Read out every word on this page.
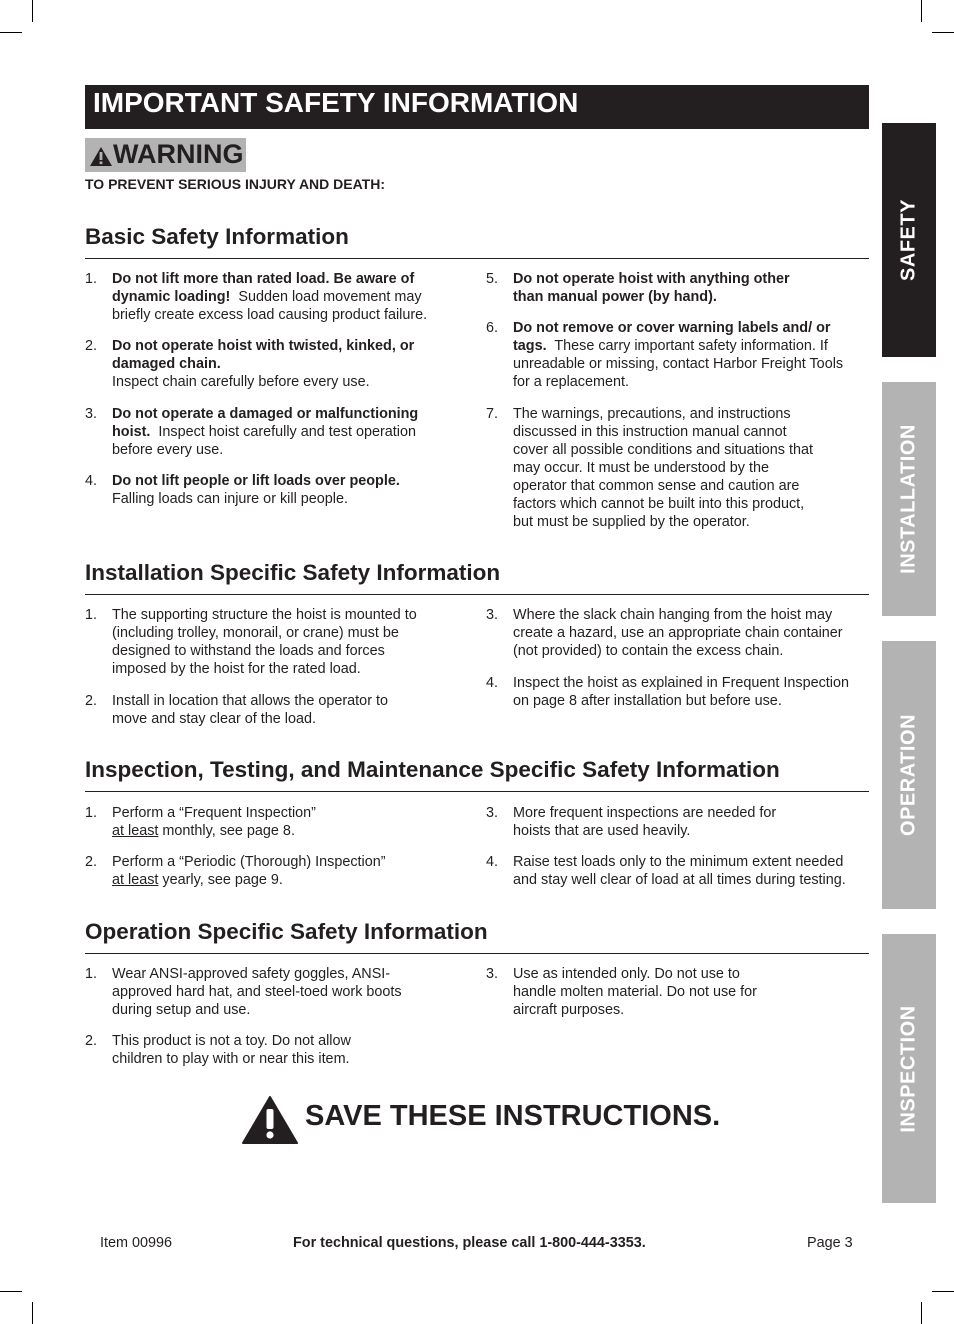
IMPORTANT SAFETY INFORMATION
WARNING
TO PREVENT SERIOUS INJURY AND DEATH:
Basic Safety Information
1. Do not lift more than rated load. Be aware of dynamic loading! Sudden load movement may briefly create excess load causing product failure.
2. Do not operate hoist with twisted, kinked, or damaged chain.
Inspect chain carefully before every use.
3. Do not operate a damaged or malfunctioning hoist. Inspect hoist carefully and test operation before every use.
4. Do not lift people or lift loads over people.
Falling loads can injure or kill people.
5. Do not operate hoist with anything other than manual power (by hand).
6. Do not remove or cover warning labels and/ or tags. These carry important safety information. If unreadable or missing, contact Harbor Freight Tools for a replacement.
7. The warnings, precautions, and instructions discussed in this instruction manual cannot cover all possible conditions and situations that may occur. It must be understood by the operator that common sense and caution are factors which cannot be built into this product, but must be supplied by the operator.
Installation Specific Safety Information
1. The supporting structure the hoist is mounted to (including trolley, monorail, or crane) must be designed to withstand the loads and forces imposed by the hoist for the rated load.
2. Install in location that allows the operator to move and stay clear of the load.
3. Where the slack chain hanging from the hoist may create a hazard, use an appropriate chain container (not provided) to contain the excess chain.
4. Inspect the hoist as explained in Frequent Inspection on page 8 after installation but before use.
Inspection, Testing, and Maintenance Specific Safety Information
1. Perform a “Frequent Inspection”
at least monthly, see page 8.
2. Perform a “Periodic (Thorough) Inspection”
at least yearly, see page 9.
3. More frequent inspections are needed for hoists that are used heavily.
4. Raise test loads only to the minimum extent needed and stay well clear of load at all times during testing.
Operation Specific Safety Information
1. Wear ANSI-approved safety goggles, ANSI-approved hard hat, and steel-toed work boots during setup and use.
2. This product is not a toy. Do not allow children to play with or near this item.
3. Use as intended only. Do not use to handle molten material. Do not use for aircraft purposes.
SAVE THESE INSTRUCTIONS.
SAFETY
INSTALLATION
OPERATION
INSPECTION
Item 00996	For technical questions, please call 1-800-444-3353.	Page 3
